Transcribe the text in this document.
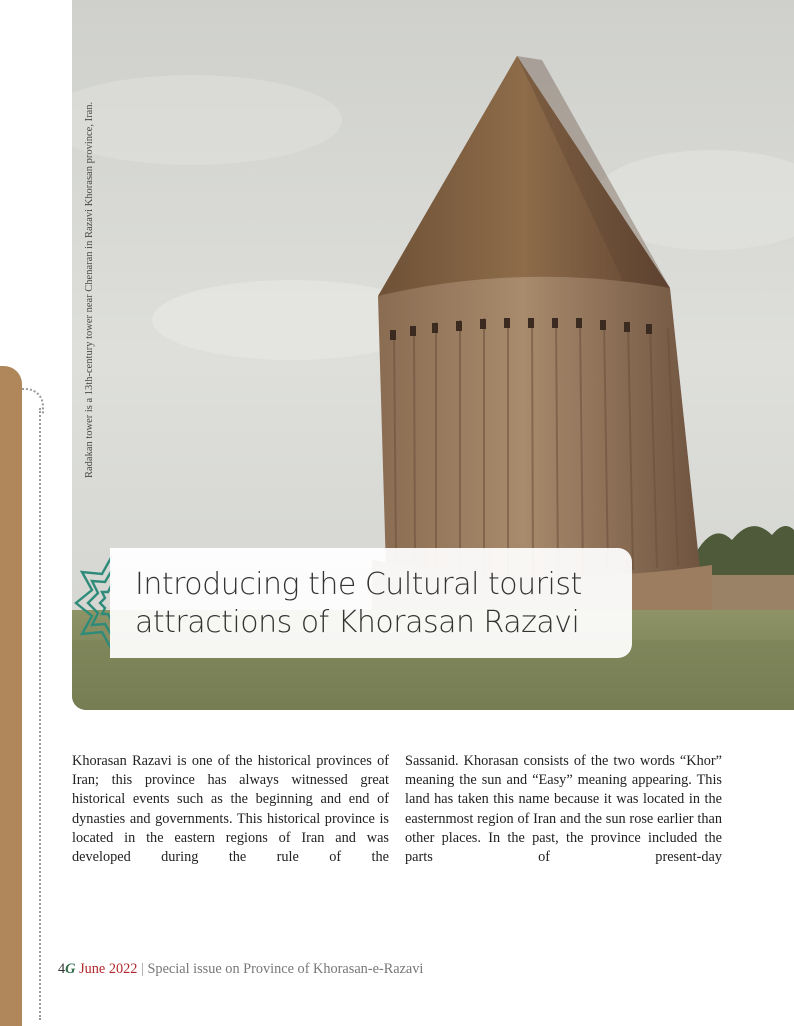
Radakan tower is a 13th-century tower near Chenaran in Razavi Khorasan province, Iran.
Introducing the Cultural tourist
attractions of Khorasan Razavi
Khorasan Razavi is one of the historical provinces of Iran; this province has always witnessed great historical events such as the beginning and end of dynasties and governments. This historical province is located in the eastern regions of Iran and was developed during the rule of the
Sassanid. Khorasan consists of the two words “Khor” meaning the sun and “Easy” meaning appearing. This land has taken this name because it was located in the easternmost region of Iran and the sun rose earlier than other places. In the past, the province included the parts of present-day
4G June 2022 | Special issue on Province of Khorasan-e-Razavi
